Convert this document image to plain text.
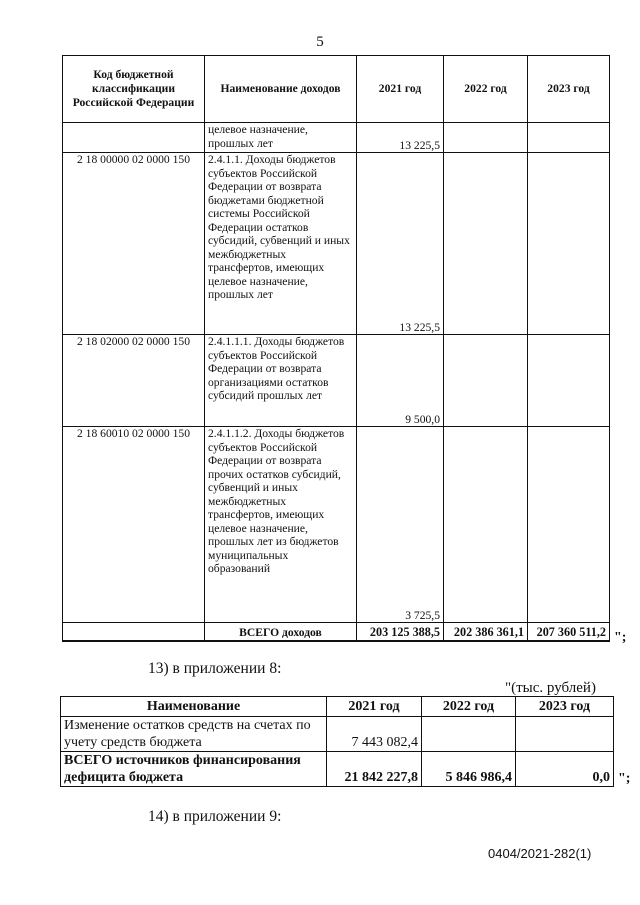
5
Код бюджетной классификации Российской Федерации	Наименование доходов	2021 год	2022 год	2023 год
	целевое назначение, прошлых лет	13 225,5		
2 18 00000 02 0000 150	2.4.1.1. Доходы бюджетов субъектов Российской Федерации от возврата бюджетами бюджетной системы Российской Федерации остатков субсидий, субвенций и иных межбюджетных трансфертов, имеющих целевое назначение, прошлых лет	13 225,5		
2 18 02000 02 0000 150	2.4.1.1.1. Доходы бюджетов субъектов Российской Федерации от возврата организациями остатков субсидий прошлых лет	9 500,0		
2 18 60010 02 0000 150	2.4.1.1.2. Доходы бюджетов субъектов Российской Федерации от возврата прочих остатков субсидий, субвенций и иных межбюджетных трансфертов, имеющих целевое назначение, прошлых лет из бюджетов муниципальных образований	3 725,5		
	ВСЕГО доходов	203 125 388,5	202 386 361,1	207 360 511,2 ";
13) в приложении 8:
"(тыс. рублей)
Наименование	2021 год	2022 год	2023 год
Изменение остатков средств на счетах по учету средств бюджета	7 443 082,4		
ВСЕГО источников финансирования дефицита бюджета	21 842 227,8	5 846 986,4	0,0 ";
14) в приложении 9:
0404/2021-282(1)
